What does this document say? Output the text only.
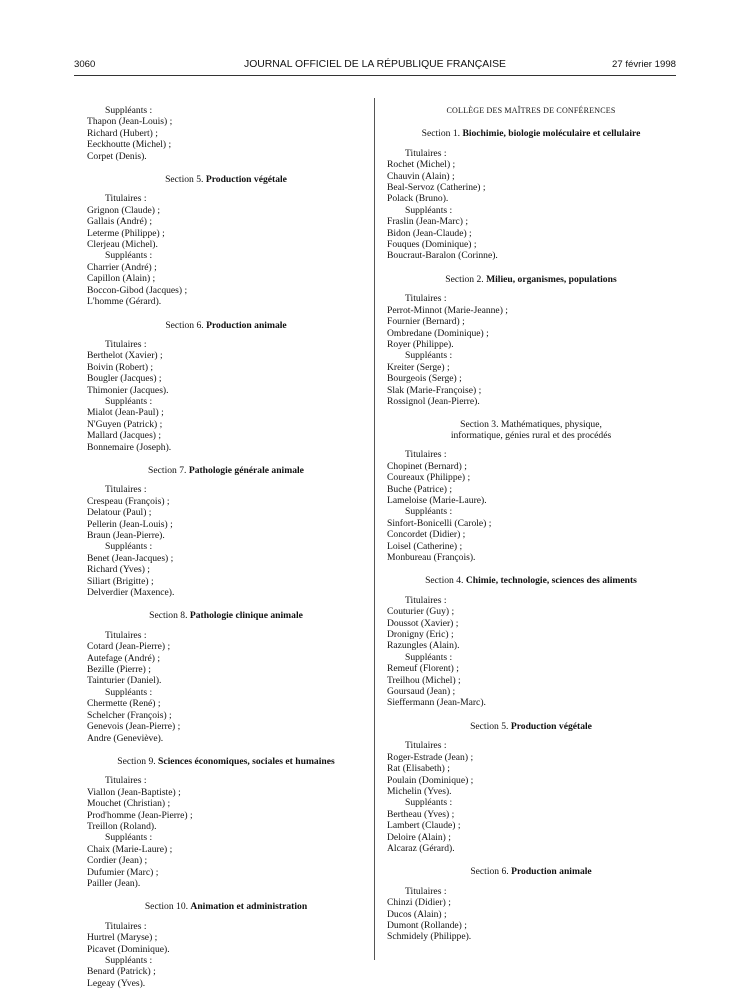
3060	JOURNAL OFFICIEL DE LA RÉPUBLIQUE FRANÇAISE	27 février 1998
Suppléants :
Thapon (Jean-Louis) ;
Richard (Hubert) ;
Eeckhoutte (Michel) ;
Corpet (Denis).
Section 5. Production végétale
Titulaires :
Grignon (Claude) ;
Gallais (André) ;
Leterme (Philippe) ;
Clerjeau (Michel).
Suppléants :
Charrier (André) ;
Capillon (Alain) ;
Boccon-Gibod (Jacques) ;
L'homme (Gérard).
Section 6. Production animale
Titulaires :
Berthelot (Xavier) ;
Boivin (Robert) ;
Bougler (Jacques) ;
Thimonier (Jacques).
Suppléants :
Mialot (Jean-Paul) ;
N'Guyen (Patrick) ;
Mallard (Jacques) ;
Bonnemaire (Joseph).
Section 7. Pathologie générale animale
Titulaires :
Crespeau (François) ;
Delatour (Paul) ;
Pellerin (Jean-Louis) ;
Braun (Jean-Pierre).
Suppléants :
Benet (Jean-Jacques) ;
Richard (Yves) ;
Siliart (Brigitte) ;
Delverdier (Maxence).
Section 8. Pathologie clinique animale
Titulaires :
Cotard (Jean-Pierre) ;
Autefage (André) ;
Bezille (Pierre) ;
Tainturier (Daniel).
Suppléants :
Chermette (René) ;
Schelcher (François) ;
Genevois (Jean-Pierre) ;
Andre (Geneviève).
Section 9. Sciences économiques, sociales et humaines
Titulaires :
Viallon (Jean-Baptiste) ;
Mouchet (Christian) ;
Prod'homme (Jean-Pierre) ;
Treillon (Roland).
Suppléants :
Chaix (Marie-Laure) ;
Cordier (Jean) ;
Dufumier (Marc) ;
Pailler (Jean).
Section 10. Animation et administration
Titulaires :
Hurtrel (Maryse) ;
Picavet (Dominique).
Suppléants :
Benard (Patrick) ;
Legeay (Yves).
COLLÈGE DES MAÎTRES DE CONFÉRENCES
Section 1. Biochimie, biologie moléculaire et cellulaire
Titulaires :
Rochet (Michel) ;
Chauvin (Alain) ;
Beal-Servoz (Catherine) ;
Polack (Bruno).
Suppléants :
Fraslin (Jean-Marc) ;
Bidon (Jean-Claude) ;
Fouques (Dominique) ;
Boucraut-Baralon (Corinne).
Section 2. Milieu, organismes, populations
Titulaires :
Perrot-Minnot (Marie-Jeanne) ;
Fournier (Bernard) ;
Ombredane (Dominique) ;
Royer (Philippe).
Suppléants :
Kreiter (Serge) ;
Bourgeois (Serge) ;
Slak (Marie-Françoise) ;
Rossignol (Jean-Pierre).
Section 3. Mathématiques, physique,
informatique, génies rural et des procédés
Titulaires :
Chopinet (Bernard) ;
Coureaux (Philippe) ;
Buche (Patrice) ;
Lameloise (Marie-Laure).
Suppléants :
Sinfort-Bonicelli (Carole) ;
Concordet (Didier) ;
Loisel (Catherine) ;
Monbureau (François).
Section 4. Chimie, technologie, sciences des aliments
Titulaires :
Couturier (Guy) ;
Doussot (Xavier) ;
Dronigny (Eric) ;
Razungles (Alain).
Suppléants :
Remeuf (Florent) ;
Treilhou (Michel) ;
Goursaud (Jean) ;
Sieffermann (Jean-Marc).
Section 5. Production végétale
Titulaires :
Roger-Estrade (Jean) ;
Rat (Elisabeth) ;
Poulain (Dominique) ;
Michelin (Yves).
Suppléants :
Bertheau (Yves) ;
Lambert (Claude) ;
Deloire (Alain) ;
Alcaraz (Gérard).
Section 6. Production animale
Titulaires :
Chinzi (Didier) ;
Ducos (Alain) ;
Dumont (Rollande) ;
Schmidely (Philippe).
